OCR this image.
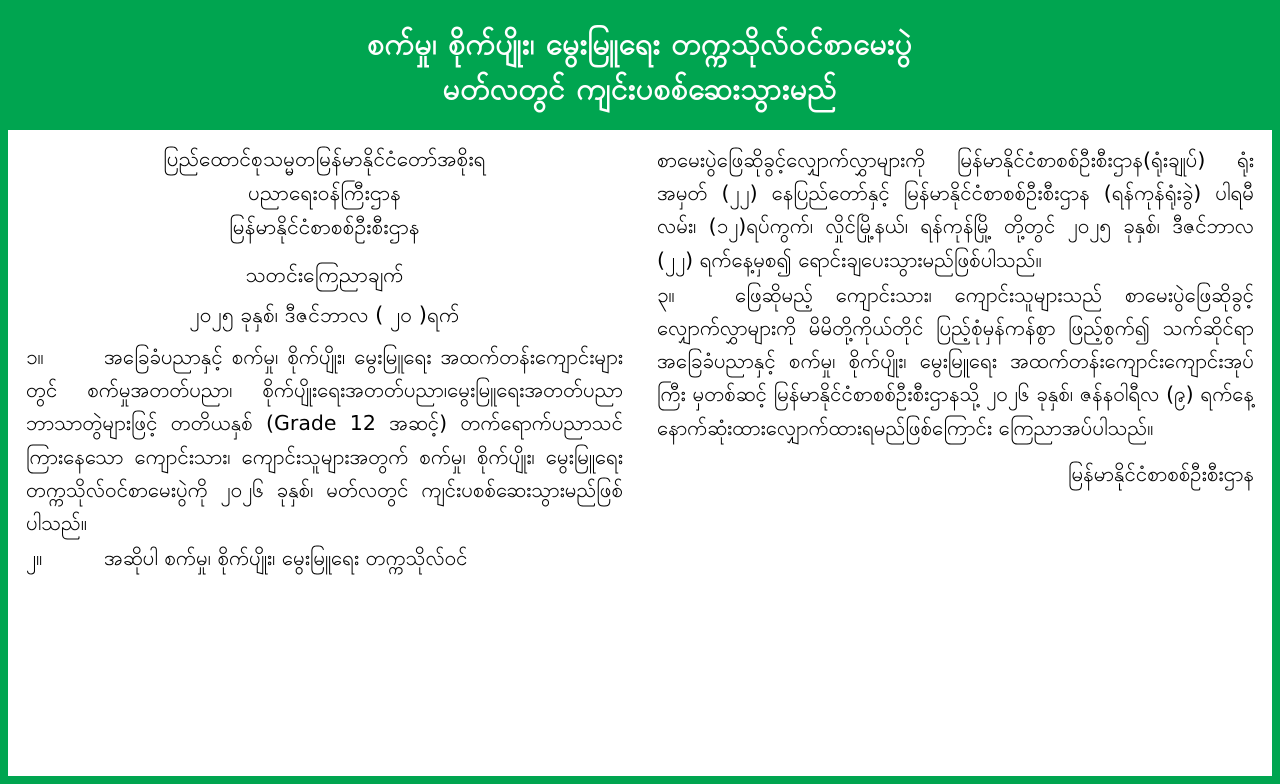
စက်မှု၊ စိုက်ပျိုး၊ မွေးမြူရေး တက္ကသိုလ်ဝင်စာမေးပွဲ
မတ်လတွင် ကျင်းပစစ်ဆေးသွားမည်
ပြည်ထောင်စုသမ္မတမြန်မာနိုင်ငံတော်အစိုးရ
ပညာရေးဝန်ကြီးဌာန
မြန်မာနိုင်ငံစာစစ်ဦးစီးဌာန
သတင်းကြေညာချက်
၂၀၂၅ ခုနှစ်၊ ဒီဇင်ဘာလ ( ၂၀ )ရက်

၁။	အခြေခံပညာနှင့် စက်မှု၊ စိုက်ပျိုး၊ မွေးမြူရေး အထက်တန်းကျောင်းများတွင် စက်မှုအတတ်ပညာ၊ စိုက်ပျိုးရေးအတတ်ပညာ၊မွေးမြူရေးအတတ်ပညာ ဘာသာတွဲများဖြင့် တတိယနှစ် (Grade 12 အဆင့်) တက်ရောက်ပညာသင်ကြားနေသော ကျောင်းသား၊ ကျောင်းသူများအတွက် စက်မှု၊ စိုက်ပျိုး၊ မွေးမြူရေး တက္ကသိုလ်ဝင်စာမေးပွဲကို ၂၀၂၆ ခုနှစ်၊ မတ်လတွင် ကျင်းပစစ်ဆေးသွားမည်ဖြစ်ပါသည်။

၂။	အဆိုပါ စက်မှု၊ စိုက်ပျိုး၊ မွေးမြူရေး တက္ကသိုလ်ဝင်

စာမေးပွဲဖြေဆိုခွင့်လျှောက်လွှာများကို မြန်မာနိုင်ငံစာစစ်ဦးစီးဌာန(ရုံးချုပ်) ရုံးအမှတ် (၂၂) နေပြည်တော်နှင့် မြန်မာနိုင်ငံစာစစ်ဦးစီးဌာန (ရန်ကုန်ရုံးခွဲ) ပါရမီလမ်း၊ (၁၂)ရပ်ကွက်၊ လှိုင်မြို့နယ်၊ ရန်ကုန်မြို့ တို့တွင် ၂၀၂၅ ခုနှစ်၊ ဒီဇင်ဘာလ (၂၂) ရက်နေ့မှစ၍ ရောင်းချပေးသွားမည်ဖြစ်ပါသည်။

၃။	ဖြေဆိုမည့် ကျောင်းသား၊ ကျောင်းသူများသည် စာမေးပွဲဖြေဆိုခွင့်လျှောက်လွှာများကို မိမိတို့ကိုယ်တိုင် ပြည့်စုံမှန်ကန်စွာ ဖြည့်စွက်၍ သက်ဆိုင်ရာ အခြေခံပညာနှင့် စက်မှု၊ စိုက်ပျိုး၊ မွေးမြူရေး အထက်တန်းကျောင်းကျောင်းအုပ်ကြီး မှတစ်ဆင့် မြန်မာနိုင်ငံစာစစ်ဦးစီးဌာနသို့ ၂၀၂၆ ခုနှစ်၊ ဇန်နဝါရီလ (၉) ရက်နေ့ နောက်ဆုံးထားလျှောက်ထားရမည်ဖြစ်ကြောင်း ကြေညာအပ်ပါသည်။

မြန်မာနိုင်ငံစာစစ်ဦးစီးဌာန
